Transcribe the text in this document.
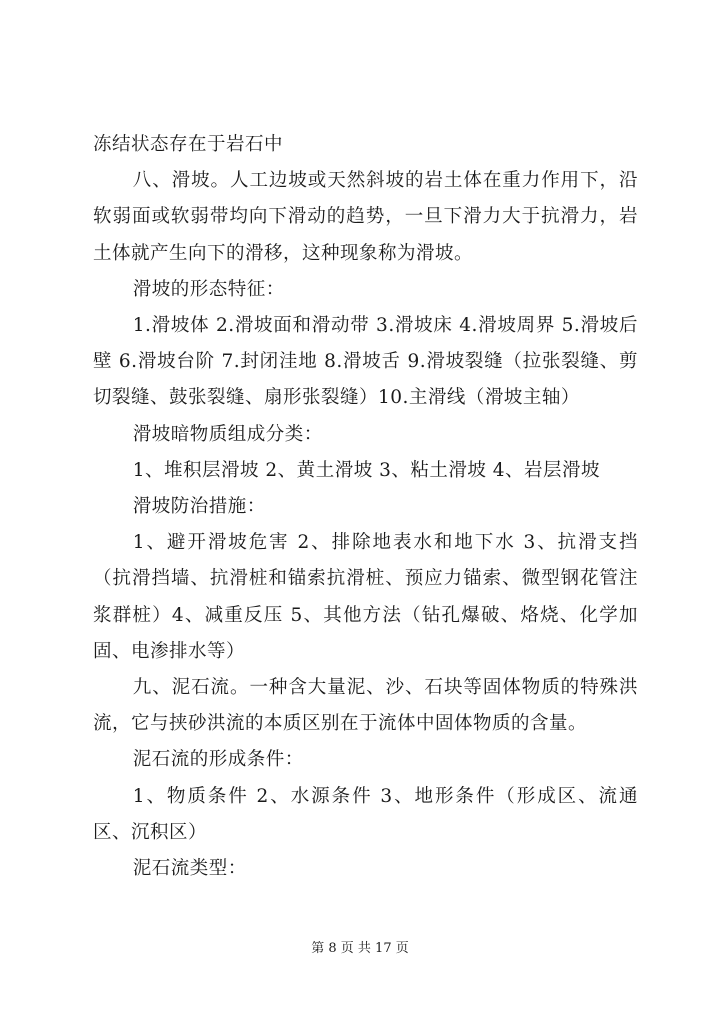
冻结状态存在于岩石中

八、滑坡。人工边坡或天然斜坡的岩土体在重力作用下，沿软弱面或软弱带均向下滑动的趋势，一旦下滑力大于抗滑力，岩土体就产生向下的滑移，这种现象称为滑坡。

滑坡的形态特征：

1.滑坡体 2.滑坡面和滑动带 3.滑坡床 4.滑坡周界 5.滑坡后壁 6.滑坡台阶 7.封闭洼地 8.滑坡舌 9.滑坡裂缝（拉张裂缝、剪切裂缝、鼓张裂缝、扇形张裂缝）10.主滑线（滑坡主轴）

滑坡暗物质组成分类：

1、堆积层滑坡 2、黄土滑坡 3、粘土滑坡 4、岩层滑坡

滑坡防治措施：

1、避开滑坡危害 2、排除地表水和地下水 3、抗滑支挡（抗滑挡墙、抗滑桩和锚索抗滑桩、预应力锚索、微型钢花管注浆群桩）4、减重反压 5、其他方法（钻孔爆破、烙烧、化学加固、电渗排水等）

九、泥石流。一种含大量泥、沙、石块等固体物质的特殊洪流，它与挟砂洪流的本质区别在于流体中固体物质的含量。

泥石流的形成条件：

1、物质条件 2、水源条件 3、地形条件（形成区、流通区、沉积区）

泥石流类型：

第 8 页 共 17 页
